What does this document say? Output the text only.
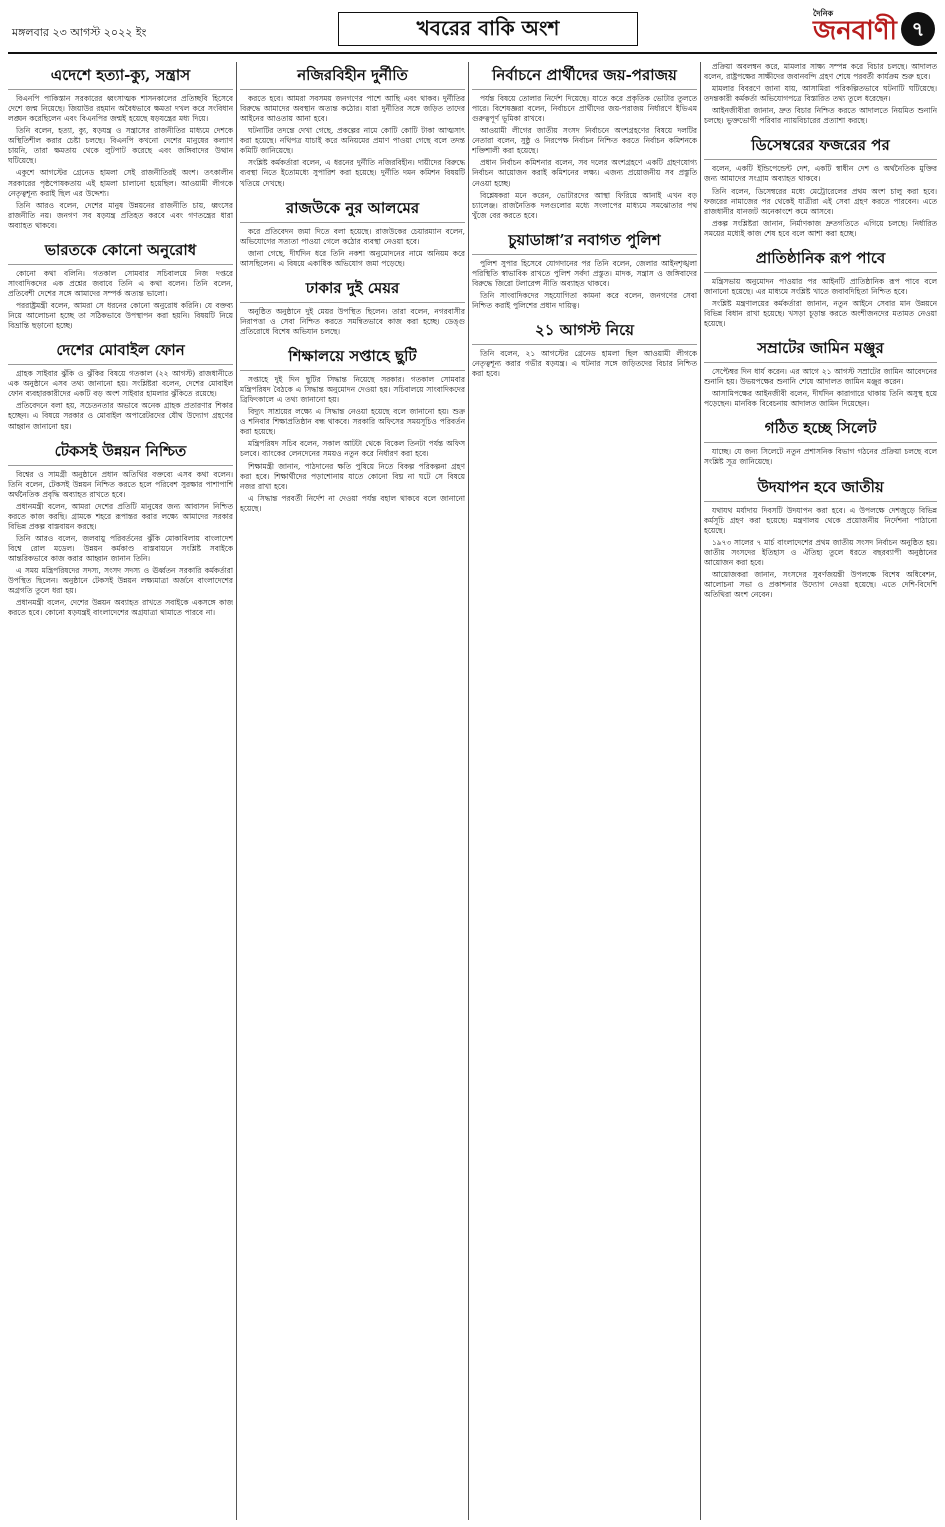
মঙ্গলবার ২৩ আগস্ট ২০২২ ইং	খবরের বাকি অংশ
দৈনিক
জনবাণী ৭
এদেশে হত্যা-ক্যু, সন্ত্রাস

বিএনপি পাকিস্তান সরকারের ধ্বংসাত্মক শাসনকালের প্রতিচ্ছবি হিসেবে দেশে জন্ম নিয়েছে। জিয়াউর রহমান অবৈধভাবে ক্ষমতা দখল করে সংবিধান লঙ্ঘন করেছিলেন এবং বিএনপির জন্মই হয়েছে ষড়যন্ত্রের মধ্য দিয়ে।

তিনি বলেন, হত্যা, ক্যু, ষড়যন্ত্র ও সন্ত্রাসের রাজনীতির মাধ্যমে দেশকে অস্থিতিশীল করার চেষ্টা চলছে। বিএনপি কখনো দেশের মানুষের কল্যাণ চায়নি, তারা ক্ষমতায় থেকে লুটপাট করেছে এবং জঙ্গিবাদের উত্থান ঘটিয়েছে।

একুশে আগস্টের গ্রেনেড হামলা সেই রাজনীতিরই অংশ। তৎকালীন সরকারের পৃষ্ঠপোষকতায় এই হামলা চালানো হয়েছিল। আওয়ামী লীগকে নেতৃত্বশূন্য করাই ছিল এর উদ্দেশ্য।

তিনি আরও বলেন, দেশের মানুষ উন্নয়নের রাজনীতি চায়, ধ্বংসের রাজনীতি নয়। জনগণ সব ষড়যন্ত্র প্রতিহত করবে এবং গণতন্ত্রের ধারা অব্যাহত থাকবে।

ভারতকে কোনো অনুরোধ

কোনো কথা বলিনি। গতকাল সোমবার সচিবালয়ে নিজ দপ্তরে সাংবাদিকদের এক প্রশ্নের জবাবে তিনি এ কথা বলেন। তিনি বলেন, প্রতিবেশী দেশের সঙ্গে আমাদের সম্পর্ক অত্যন্ত ভালো।

পররাষ্ট্রমন্ত্রী বলেন, আমরা সে ধরনের কোনো অনুরোধ করিনি। যে বক্তব্য নিয়ে আলোচনা হচ্ছে তা সঠিকভাবে উপস্থাপন করা হয়নি। বিষয়টি নিয়ে বিভ্রান্তি ছড়ানো হচ্ছে।

দেশের মোবাইল ফোন

গ্রাহক সাইবার ঝুঁকি ও ঝুঁকির বিষয়ে গতকাল (২২ আগস্ট) রাজধানীতে এক অনুষ্ঠানে এসব তথ্য জানানো হয়। সংশ্লিষ্টরা বলেন, দেশের মোবাইল ফোন ব্যবহারকারীদের একটি বড় অংশ সাইবার হামলার ঝুঁকিতে রয়েছে।

প্রতিবেদনে বলা হয়, সচেতনতার অভাবে অনেক গ্রাহক প্রতারণার শিকার হচ্ছেন। এ বিষয়ে সরকার ও মোবাইল অপারেটরদের যৌথ উদ্যোগ গ্রহণের আহ্বান জানানো হয়।

টেকসই উন্নয়ন নিশ্চিত

বিশ্বের ও সামগ্রী অনুষ্ঠানে প্রধান অতিথির বক্তব্যে এসব কথা বলেন। তিনি বলেন, টেকসই উন্নয়ন নিশ্চিত করতে হলে পরিবেশ সুরক্ষার পাশাপাশি অর্থনৈতিক প্রবৃদ্ধি অব্যাহত রাখতে হবে।

প্রধানমন্ত্রী বলেন, আমরা দেশের প্রতিটি মানুষের জন্য আবাসন নিশ্চিত করতে কাজ করছি। গ্রামকে শহরে রূপান্তর করার লক্ষ্যে আমাদের সরকার বিভিন্ন প্রকল্প বাস্তবায়ন করছে।

তিনি আরও বলেন, জলবায়ু পরিবর্তনের ঝুঁকি মোকাবিলায় বাংলাদেশ বিশ্বে রোল মডেল। উন্নয়ন কর্মকাণ্ড বাস্তবায়নে সংশ্লিষ্ট সবাইকে আন্তরিকভাবে কাজ করার আহ্বান জানান তিনি।

এ সময় মন্ত্রিপরিষদের সদস্য, সংসদ সদস্য ও ঊর্ধ্বতন সরকারি কর্মকর্তারা উপস্থিত ছিলেন। অনুষ্ঠানে টেকসই উন্নয়ন লক্ষ্যমাত্রা অর্জনে বাংলাদেশের অগ্রগতি তুলে ধরা হয়।

প্রধানমন্ত্রী বলেন, দেশের উন্নয়ন অব্যাহত রাখতে সবাইকে একসঙ্গে কাজ করতে হবে। কোনো ষড়যন্ত্রই বাংলাদেশের অগ্রযাত্রা থামাতে পারবে না।

নজিরবিহীন দুর্নীতি

করতে হবে। আমরা সবসময় জনগণের পাশে আছি এবং থাকব। দুর্নীতির বিরুদ্ধে আমাদের অবস্থান অত্যন্ত কঠোর। যারা দুর্নীতির সঙ্গে জড়িত তাদের আইনের আওতায় আনা হবে।

ঘটনাটির তদন্তে দেখা গেছে, প্রকল্পের নামে কোটি কোটি টাকা আত্মসাৎ করা হয়েছে। নথিপত্র যাচাই করে অনিয়মের প্রমাণ পাওয়া গেছে বলে তদন্ত কমিটি জানিয়েছে।

সংশ্লিষ্ট কর্মকর্তারা বলেন, এ ধরনের দুর্নীতি নজিরবিহীন। দায়ীদের বিরুদ্ধে ব্যবস্থা নিতে ইতোমধ্যে সুপারিশ করা হয়েছে। দুর্নীতি দমন কমিশন বিষয়টি খতিয়ে দেখছে।

রাজউকে নুর আলমের

করে প্রতিবেদন জমা দিতে বলা হয়েছে। রাজউকের চেয়ারম্যান বলেন, অভিযোগের সত্যতা পাওয়া গেলে কঠোর ব্যবস্থা নেওয়া হবে।

জানা গেছে, দীর্ঘদিন ধরে তিনি নকশা অনুমোদনের নামে অনিয়ম করে আসছিলেন। এ বিষয়ে একাধিক অভিযোগ জমা পড়েছে।

ঢাকার দুই মেয়র

অনুষ্ঠিত অনুষ্ঠানে দুই মেয়র উপস্থিত ছিলেন। তারা বলেন, নগরবাসীর নিরাপত্তা ও সেবা নিশ্চিত করতে সমন্বিতভাবে কাজ করা হচ্ছে। ডেঙ্গু প্রতিরোধে বিশেষ অভিযান চলছে।

শিক্ষালয়ে সপ্তাহে ছুটি

সপ্তাহে দুই দিন ছুটির সিদ্ধান্ত নিয়েছে সরকার। গতকাল সোমবার মন্ত্রিপরিষদ বৈঠকে এ সিদ্ধান্ত অনুমোদন দেওয়া হয়। সচিবালয়ে সাংবাদিকদের ব্রিফিংকালে এ তথ্য জানানো হয়।

বিদ্যুৎ সাশ্রয়ের লক্ষ্যে এ সিদ্ধান্ত নেওয়া হয়েছে বলে জানানো হয়। শুক্র ও শনিবার শিক্ষাপ্রতিষ্ঠান বন্ধ থাকবে। সরকারি অফিসের সময়সূচিও পরিবর্তন করা হয়েছে।

মন্ত্রিপরিষদ সচিব বলেন, সকাল আটটা থেকে বিকেল তিনটা পর্যন্ত অফিস চলবে। ব্যাংকের লেনদেনের সময়ও নতুন করে নির্ধারণ করা হবে।

শিক্ষামন্ত্রী জানান, পাঠদানের ক্ষতি পুষিয়ে নিতে বিকল্প পরিকল্পনা গ্রহণ করা হবে। শিক্ষার্থীদের পড়াশোনায় যাতে কোনো বিঘ্ন না ঘটে সে বিষয়ে নজর রাখা হবে।

এ সিদ্ধান্ত পরবর্তী নির্দেশ না দেওয়া পর্যন্ত বহাল থাকবে বলে জানানো হয়েছে।

নির্বাচনে প্রার্থীদের জয়-পরাজয়

পর্যন্ত বিষয়ে তোলার নির্দেশ দিয়েছে। যাতে করে প্রকৃতিক ভোটার তুলতে পারে। বিশেষজ্ঞরা বলেন, নির্বাচনে প্রার্থীদের জয়-পরাজয় নির্ধারণে ইভিএম গুরুত্বপূর্ণ ভূমিকা রাখবে।

আওয়ামী লীগের জাতীয় সংসদ নির্বাচনে অংশগ্রহণের বিষয়ে দলটির নেতারা বলেন, সুষ্ঠু ও নিরপেক্ষ নির্বাচন নিশ্চিত করতে নির্বাচন কমিশনকে শক্তিশালী করা হয়েছে।

প্রধান নির্বাচন কমিশনার বলেন, সব দলের অংশগ্রহণে একটি গ্রহণযোগ্য নির্বাচন আয়োজন করাই কমিশনের লক্ষ্য। এজন্য প্রয়োজনীয় সব প্রস্তুতি নেওয়া হচ্ছে।

বিশ্লেষকরা মনে করেন, ভোটারদের আস্থা ফিরিয়ে আনাই এখন বড় চ্যালেঞ্জ। রাজনৈতিক দলগুলোর মধ্যে সংলাপের মাধ্যমে সমঝোতার পথ খুঁজে বের করতে হবে।

চুয়াডাঙ্গা’র নবাগত পুলিশ

পুলিশ সুপার হিসেবে যোগদানের পর তিনি বলেন, জেলার আইনশৃঙ্খলা পরিস্থিতি স্বাভাবিক রাখতে পুলিশ সর্বদা প্রস্তুত। মাদক, সন্ত্রাস ও জঙ্গিবাদের বিরুদ্ধে জিরো টলারেন্স নীতি অব্যাহত থাকবে।

তিনি সাংবাদিকদের সহযোগিতা কামনা করে বলেন, জনগণের সেবা নিশ্চিত করাই পুলিশের প্রধান দায়িত্ব।

২১ আগস্ট নিয়ে

তিনি বলেন, ২১ আগস্টের গ্রেনেড হামলা ছিল আওয়ামী লীগকে নেতৃত্বশূন্য করার গভীর ষড়যন্ত্র। এ ঘটনার সঙ্গে জড়িতদের বিচার নিশ্চিত করা হবে।

প্রক্রিয়া অবলম্বন করে, মামলার সাক্ষ্য সম্পন্ন করে বিচার চলছে। আদালত বলেন, রাষ্ট্রপক্ষের সাক্ষীদের জবানবন্দি গ্রহণ শেষে পরবর্তী কার্যক্রম শুরু হবে।

মামলার বিবরণে জানা যায়, আসামিরা পরিকল্পিতভাবে ঘটনাটি ঘটিয়েছে। তদন্তকারী কর্মকর্তা অভিযোগপত্রে বিস্তারিত তথ্য তুলে ধরেছেন।

আইনজীবীরা জানান, দ্রুত বিচার নিশ্চিত করতে আদালতে নিয়মিত শুনানি চলছে। ভুক্তভোগী পরিবার ন্যায়বিচারের প্রত্যাশা করছে।

ডিসেম্বরের ফজরের পর

বলেন, একটি ইন্ডিপেন্ডেন্ট দেশ, একটি স্বাধীন দেশ ও অর্থনৈতিক মুক্তির জন্য আমাদের সংগ্রাম অব্যাহত থাকবে।

তিনি বলেন, ডিসেম্বরের মধ্যে মেট্রোরেলের প্রথম অংশ চালু করা হবে। ফজরের নামাজের পর থেকেই যাত্রীরা এই সেবা গ্রহণ করতে পারবেন। এতে রাজধানীর যানজট অনেকাংশে কমে আসবে।

প্রকল্প সংশ্লিষ্টরা জানান, নির্মাণকাজ দ্রুতগতিতে এগিয়ে চলছে। নির্ধারিত সময়ের মধ্যেই কাজ শেষ হবে বলে আশা করা হচ্ছে।

প্রাতিষ্ঠানিক রূপ পাবে

মন্ত্রিসভায় অনুমোদন পাওয়ার পর আইনটি প্রাতিষ্ঠানিক রূপ পাবে বলে জানানো হয়েছে। এর মাধ্যমে সংশ্লিষ্ট খাতে জবাবদিহিতা নিশ্চিত হবে।

সংশ্লিষ্ট মন্ত্রণালয়ের কর্মকর্তারা জানান, নতুন আইনে সেবার মান উন্নয়নে বিভিন্ন বিধান রাখা হয়েছে। খসড়া চূড়ান্ত করতে অংশীজনদের মতামত নেওয়া হয়েছে।

সম্রাটের জামিন মঞ্জুর

সেপ্টেম্বর দিন ধার্য করেন। এর আগে ২১ আগস্ট সম্রাটের জামিন আবেদনের শুনানি হয়। উভয়পক্ষের শুনানি শেষে আদালত জামিন মঞ্জুর করেন।

আসামিপক্ষের আইনজীবী বলেন, দীর্ঘদিন কারাগারে থাকায় তিনি অসুস্থ হয়ে পড়েছেন। মানবিক বিবেচনায় আদালত জামিন দিয়েছেন।

গঠিত হচ্ছে সিলেট

যাচ্ছে। যে জন্য সিলেটে নতুন প্রশাসনিক বিভাগ গঠনের প্রক্রিয়া চলছে বলে সংশ্লিষ্ট সূত্র জানিয়েছে।

উদযাপন হবে জাতীয়

যথাযথ মর্যাদায় দিবসটি উদযাপন করা হবে। এ উপলক্ষে দেশজুড়ে বিভিন্ন কর্মসূচি গ্রহণ করা হয়েছে। মন্ত্রণালয় থেকে প্রয়োজনীয় নির্দেশনা পাঠানো হয়েছে।

১৯৭৩ সালের ৭ মার্চ বাংলাদেশের প্রথম জাতীয় সংসদ নির্বাচন অনুষ্ঠিত হয়। জাতীয় সংসদের ইতিহাস ও ঐতিহ্য তুলে ধরতে বছরব্যাপী অনুষ্ঠানের আয়োজন করা হবে।

আয়োজকরা জানান, সংসদের সুবর্ণজয়ন্তী উপলক্ষে বিশেষ অধিবেশন, আলোচনা সভা ও প্রকাশনার উদ্যোগ নেওয়া হয়েছে। এতে দেশি-বিদেশি অতিথিরা অংশ নেবেন।
